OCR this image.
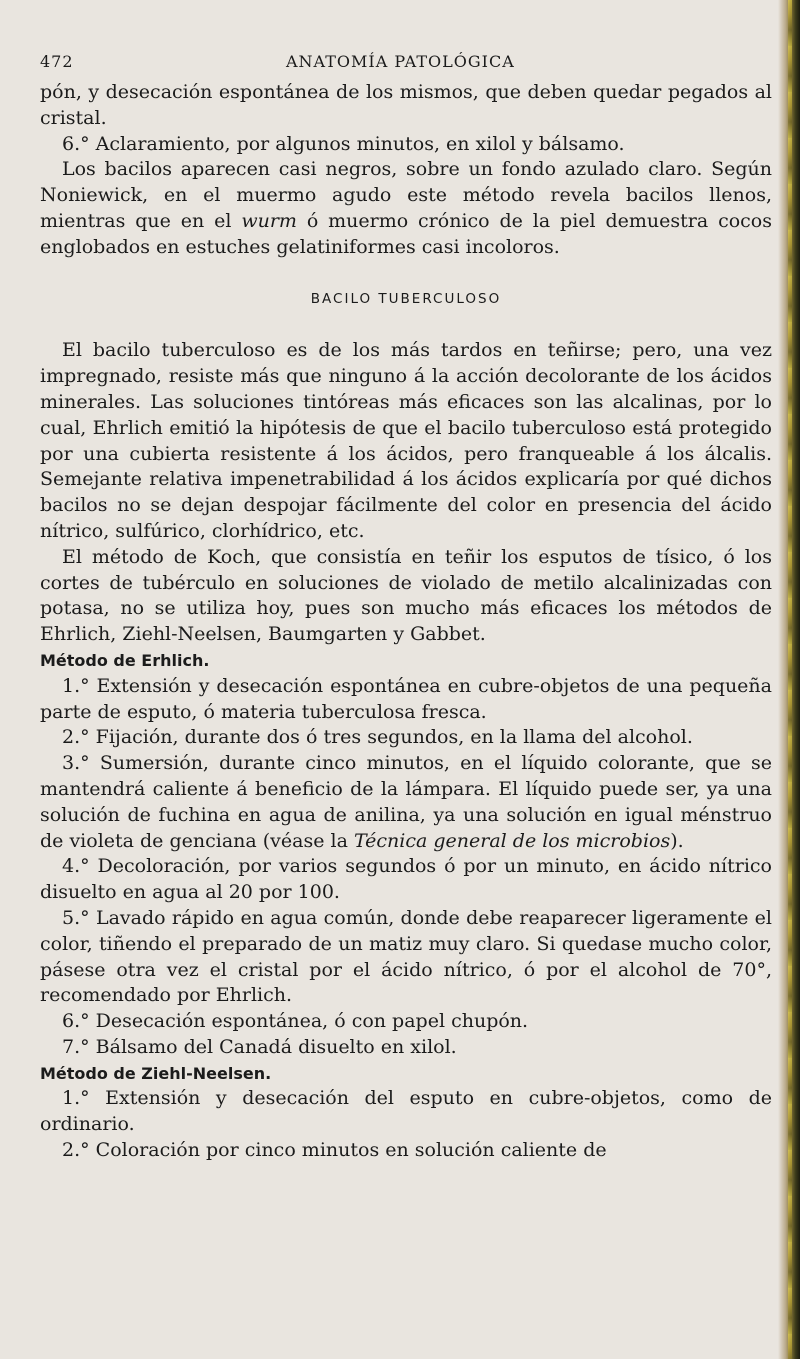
472	ANATOMÍA PATOLÓGICA

pón, y desecación espontánea de los mismos, que deben quedar pegados al cristal.

6.° Aclaramiento, por algunos minutos, en xilol y bálsamo.

Los bacilos aparecen casi negros, sobre un fondo azulado claro. Según Noniewick, en el muermo agudo este método revela bacilos llenos, mientras que en el wurm ó muermo crónico de la piel demuestra cocos englobados en estuches gelatiniformes casi incoloros.

BACILO TUBERCULOSO

El bacilo tuberculoso es de los más tardos en teñirse; pero, una vez impregnado, resiste más que ninguno á la acción decolorante de los ácidos minerales. Las soluciones tintóreas más eficaces son las alcalinas, por lo cual, Ehrlich emitió la hipótesis de que el bacilo tuberculoso está protegido por una cubierta resistente á los ácidos, pero franqueable á los álcalis. Semejante relativa impenetrabilidad á los ácidos explicaría por qué dichos bacilos no se dejan despojar fácilmente del color en presencia del ácido nítrico, sulfúrico, clorhídrico, etc.

El método de Koch, que consistía en teñir los esputos de tísico, ó los cortes de tubérculo en soluciones de violado de metilo alcalinizadas con potasa, no se utiliza hoy, pues son mucho más eficaces los métodos de Ehrlich, Ziehl-Neelsen, Baumgarten y Gabbet.

Método de Erhlich.

1.° Extensión y desecación espontánea en cubre-objetos de una pequeña parte de esputo, ó materia tuberculosa fresca.

2.° Fijación, durante dos ó tres segundos, en la llama del alcohol.

3.° Sumersión, durante cinco minutos, en el líquido colorante, que se mantendrá caliente á beneficio de la lámpara. El líquido puede ser, ya una solución de fuchina en agua de anilina, ya una solución en igual ménstruo de violeta de genciana (véase la Técnica general de los microbios).

4.° Decoloración, por varios segundos ó por un minuto, en ácido nítrico disuelto en agua al 20 por 100.

5.° Lavado rápido en agua común, donde debe reaparecer ligeramente el color, tiñendo el preparado de un matiz muy claro. Si quedase mucho color, pásese otra vez el cristal por el ácido nítrico, ó por el alcohol de 70°, recomendado por Ehrlich.

6.° Desecación espontánea, ó con papel chupón.

7.° Bálsamo del Canadá disuelto en xilol.

Método de Ziehl-Neelsen.

1.° Extensión y desecación del esputo en cubre-objetos, como de ordinario.

2.° Coloración por cinco minutos en solución caliente de
